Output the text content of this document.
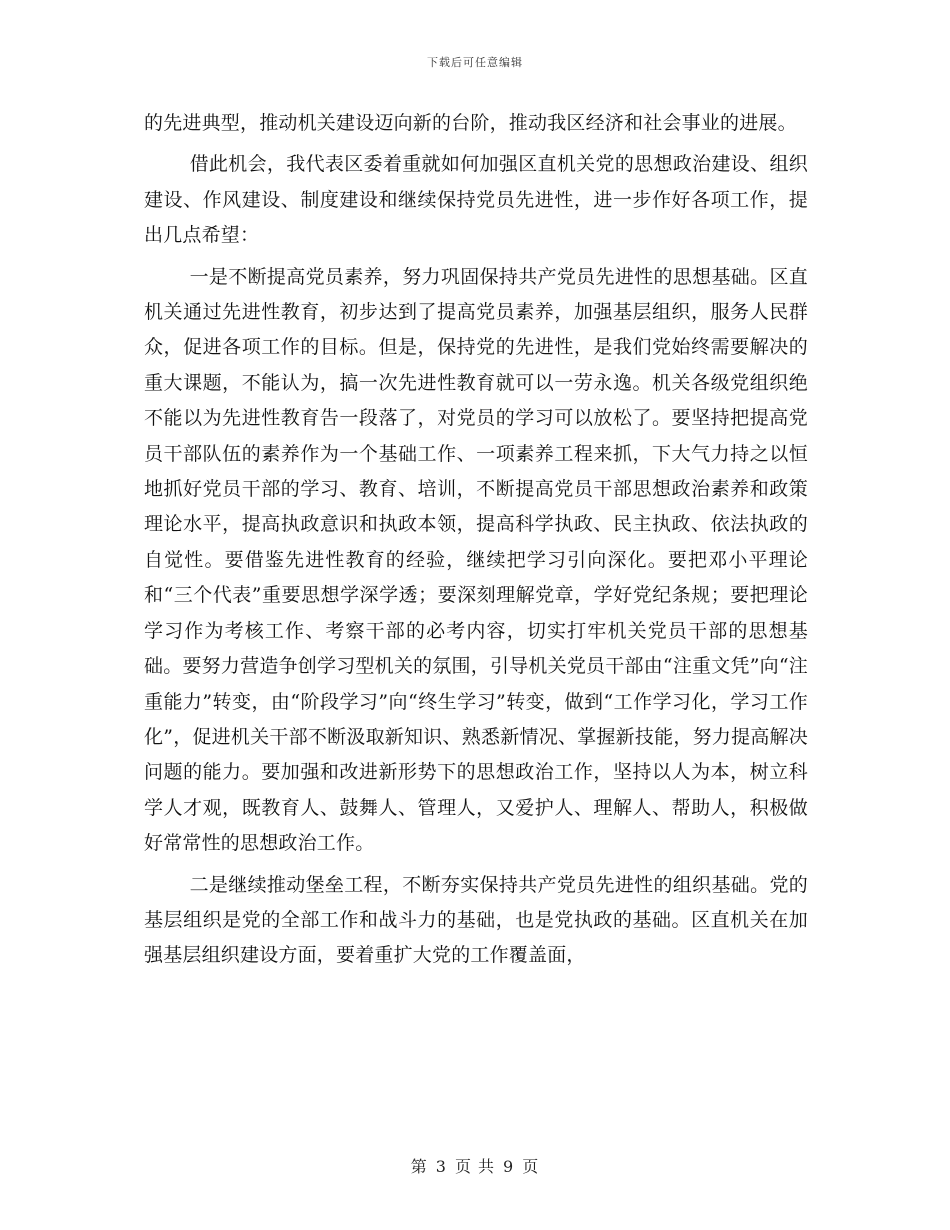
下载后可任意编辑

的先进典型，推动机关建设迈向新的台阶，推动我区经济和社会事业的进展。

借此机会，我代表区委着重就如何加强区直机关党的思想政治建设、组织建设、作风建设、制度建设和继续保持党员先进性，进一步作好各项工作，提出几点希望：

一是不断提高党员素养，努力巩固保持共产党员先进性的思想基础。区直机关通过先进性教育，初步达到了提高党员素养，加强基层组织，服务人民群众，促进各项工作的目标。但是，保持党的先进性，是我们党始终需要解决的重大课题，不能认为，搞一次先进性教育就可以一劳永逸。机关各级党组织绝不能以为先进性教育告一段落了，对党员的学习可以放松了。要坚持把提高党员干部队伍的素养作为一个基础工作、一项素养工程来抓，下大气力持之以恒地抓好党员干部的学习、教育、培训，不断提高党员干部思想政治素养和政策理论水平，提高执政意识和执政本领，提高科学执政、民主执政、依法执政的自觉性。要借鉴先进性教育的经验，继续把学习引向深化。要把邓小平理论和“三个代表”重要思想学深学透；要深刻理解党章，学好党纪条规；要把理论学习作为考核工作、考察干部的必考内容，切实打牢机关党员干部的思想基础。要努力营造争创学习型机关的氛围，引导机关党员干部由“注重文凭”向“注重能力”转变，由“阶段学习”向“终生学习”转变，做到“工作学习化，学习工作化”，促进机关干部不断汲取新知识、熟悉新情况、掌握新技能，努力提高解决问题的能力。要加强和改进新形势下的思想政治工作，坚持以人为本，树立科学人才观，既教育人、鼓舞人、管理人，又爱护人、理解人、帮助人，积极做好常常性的思想政治工作。

二是继续推动堡垒工程，不断夯实保持共产党员先进性的组织基础。党的基层组织是党的全部工作和战斗力的基础，也是党执政的基础。区直机关在加强基层组织建设方面，要着重扩大党的工作覆盖面，

第 3 页 共 9 页
